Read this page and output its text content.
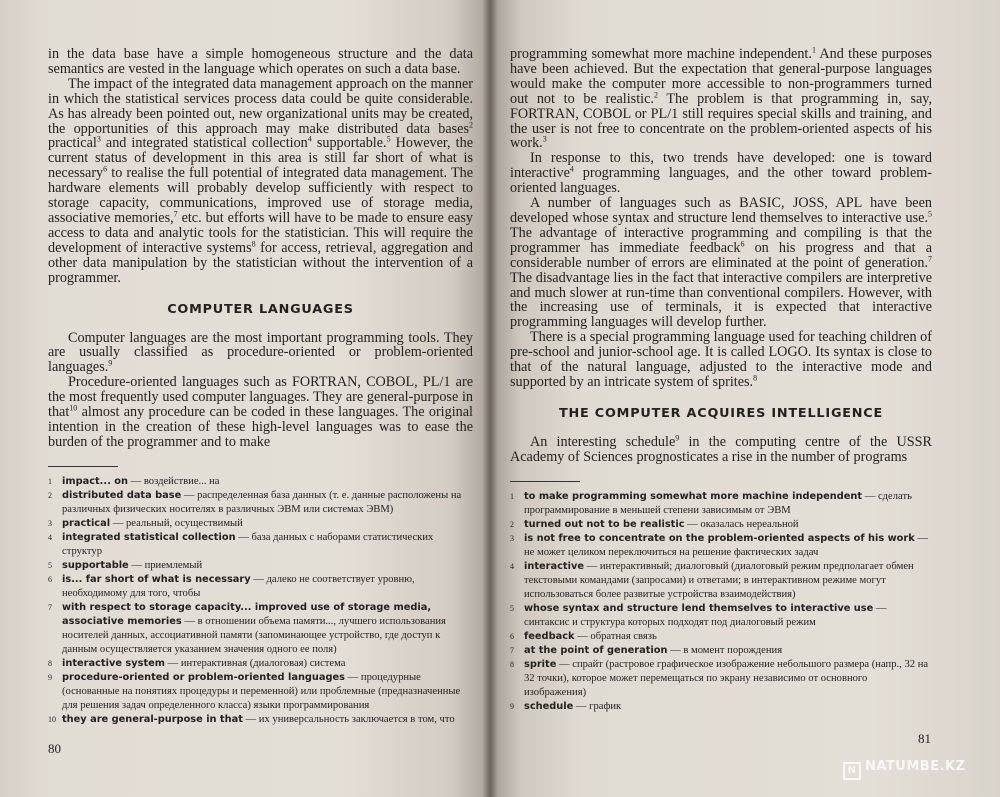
in the data base have a simple homogeneous structure and the data semantics are vested in the language which operates on such a data base.

The impact of the integrated data management approach on the manner in which the statistical services process data could be quite considerable. As has already been pointed out, new organizational units may be created, the opportunities of this approach may make distributed data bases$^2$ practical$^3$ and integrated statistical collection$^4$ supportable.$^5$ However, the current status of development in this area is still far short of what is necessary$^6$ to realise the full potential of integrated data management. The hardware elements will probably develop sufficiently with respect to storage capacity, communications, improved use of storage media, associative memories,$^7$ etc. but efforts will have to be made to ensure easy access to data and analytic tools for the statistician. This will require the development of interactive systems$^8$ for access, retrieval, aggregation and other data manipulation by the statistician without the intervention of a programmer.

COMPUTER LANGUAGES

Computer languages are the most important programming tools. They are usually classified as procedure-oriented or problem-oriented languages.$^9$

Procedure-oriented languages such as FORTRAN, COBOL, PL/1 are the most frequently used computer languages. They are general-purpose in that$^{10}$ almost any procedure can be coded in these languages. The original intention in the creation of these high-level languages was to ease the burden of the programmer and to make

1 impact... on — воздействие... на

2 distributed data base — распределенная база данных (т. е. данные расположены на различных физических носителях в различных ЭВМ или системах ЭВМ)

3 practical — реальный, осуществимый

4 integrated statistical collection — база данных с наборами статистических структур

5 supportable — приемлемый

6 is... far short of what is necessary — далеко не соответствует уровню, необходимому для того, чтобы

7 with respect to storage capacity... improved use of storage media, associative memories — в отношении объема памяти..., лучшего использования носителей данных, ассоциативной памяти (запоминающее устройство, где доступ к данным осуществляется указанием значения одного ее поля)

8 interactive system — интерактивная (диалоговая) система

9 procedure-oriented or problem-oriented languages — процедурные (основанные на понятиях процедуры и переменной) или проблемные (предназначенные для решения задач определенного класса) языки программирования

10 they are general-purpose in that — их универсальность заключается в том, что

80

programming somewhat more machine independent.$^1$ And these purposes have been achieved. But the expectation that general-purpose languages would make the computer more accessible to non-programmers turned out not to be realistic.$^2$ The problem is that programming in, say, FORTRAN, COBOL or PL/1 still requires special skills and training, and the user is not free to concentrate on the problem-oriented aspects of his work.$^3$

In response to this, two trends have developed: one is toward interactive$^4$ programming languages, and the other toward problem-oriented languages.

A number of languages such as BASIC, JOSS, APL have been developed whose syntax and structure lend themselves to interactive use.$^5$ The advantage of interactive programming and compiling is that the programmer has immediate feedback$^6$ on his progress and that a considerable number of errors are eliminated at the point of generation.$^7$ The disadvantage lies in the fact that interactive compilers are interpretive and much slower at run-time than conventional compilers. However, with the increasing use of terminals, it is expected that interactive programming languages will develop further.

There is a special programming language used for teaching children of pre-school and junior-school age. It is called LOGO. Its syntax is close to that of the natural language, adjusted to the interactive mode and supported by an intricate system of sprites.$^8$

THE COMPUTER ACQUIRES INTELLIGENCE

An interesting schedule$^9$ in the computing centre of the USSR Academy of Sciences prognosticates a rise in the number of programs

1 to make programming somewhat more machine independent — сделать программирование в меньшей степени зависимым от ЭВМ

2 turned out not to be realistic — оказалась нереальной

3 is not free to concentrate on the problem-oriented aspects of his work — не может целиком переключиться на решение фактических задач

4 interactive — интерактивный; диалоговый (диалоговый режим предполагает обмен текстовыми командами (запросами) и ответами; в интерактивном режиме могут использоваться более развитые устройства взаимодействия)

5 whose syntax and structure lend themselves to interactive use — синтаксис и структура которых подходят под диалоговый режим

6 feedback — обратная связь

7 at the point of generation — в момент порождения

8 sprite — спрайт (растровое графическое изображение небольшого размера (напр., 32 на 32 точки), которое может перемещаться по экрану независимо от основного изображения)

9 schedule — график

81
N NATUMBE.KZ
